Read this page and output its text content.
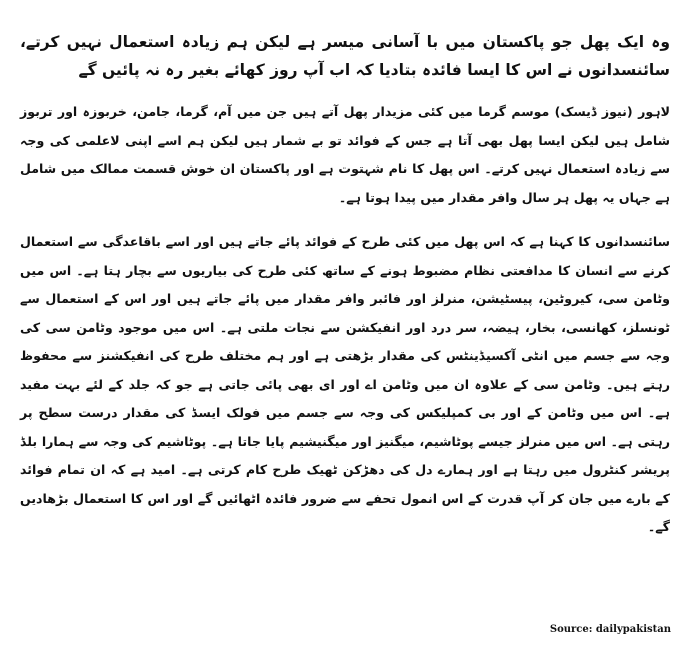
وہ ایک پھل جو پاکستان میں با آسانی میسر ہے لیکن ہم زیادہ استعمال نہیں کرتے، سائنسدانوں نے اس کا ایسا فائدہ بتادیا کہ اب آپ روز کھائے بغیر رہ نہ پائیں گے

لاہور (نیوز ڈیسک) موسم گرما میں کئی مزیدار پھل آتے ہیں جن میں آم، گرما، جامن، خربوزہ اور تربوز شامل ہیں لیکن ایسا پھل بھی آتا ہے جس کے فوائد تو بے شمار ہیں لیکن ہم اسے اپنی لاعلمی کی وجہ سے زیادہ استعمال نہیں کرتے۔ اس پھل کا نام شہتوت ہے اور پاکستان ان خوش قسمت ممالک میں شامل ہے جہاں یہ پھل ہر سال وافر مقدار میں پیدا ہوتا ہے۔

سائنسدانوں کا کہنا ہے کہ اس پھل میں کئی طرح کے فوائد پائے جاتے ہیں اور اسے باقاعدگی سے استعمال کرنے سے انسان کا مدافعتی نظام مضبوط ہونے کے ساتھ کئی طرح کی بیاریوں سے بچار ہتا ہے۔ اس میں وٹامن سی، کیروٹین، پیسٹیشن، منرلز اور فائبر وافر مقدار میں پائے جاتے ہیں اور اس کے استعمال سے ٹونسلز، کھانسی، بخار، ہیضہ، سر درد اور انفیکشن سے نجات ملتی ہے۔ اس میں موجود وٹامن سی کی وجہ سے جسم میں انٹی آکسیڈینٹس کی مقدار بڑھتی ہے اور ہم مختلف طرح کی انفیکشنز سے محفوظ رہتے ہیں۔ وٹامن سی کے علاوہ ان میں وٹامن اے اور ای بھی پائی جاتی ہے جو کہ جلد کے لئے بہت مفید ہے۔ اس میں وٹامن کے اور بی کمپلیکس کی وجہ سے جسم میں فولک ایسڈ کی مقدار درست سطح پر رہتی ہے۔ اس میں منرلز جیسے پوٹاشیم، میگنیز اور میگنیشیم پایا جاتا ہے۔ پوٹاشیم کی وجہ سے ہمارا بلڈ پریشر کنٹرول میں رہتا ہے اور ہمارے دل کی دھڑکن ٹھیک طرح کام کرتی ہے۔ امید ہے کہ ان تمام فوائد کے بارے میں جان کر آپ قدرت کے اس انمول تحفے سے ضرور فائدہ اٹھائیں گے اور اس کا استعمال بڑھادیں گے۔

Source: dailypakistan
